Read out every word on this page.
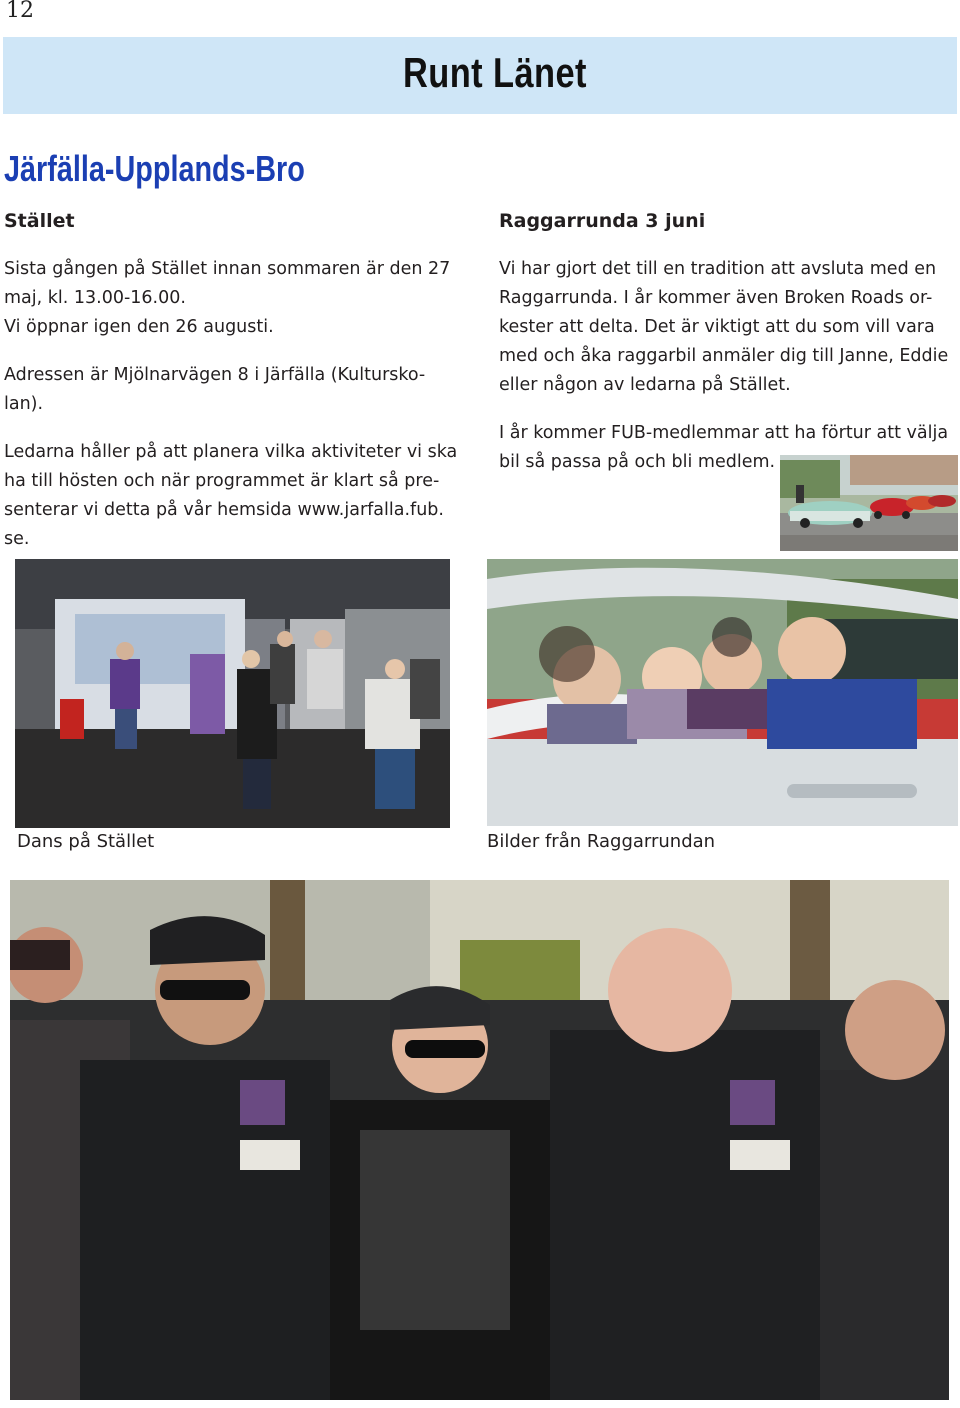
12
Runt Länet
Järfälla-Upplands-Bro
Stället

Sista gången på Stället innan sommaren är den 27
maj, kl. 13.00-16.00.
Vi öppnar igen den 26 augusti.

Adressen är Mjölnarvägen 8 i Järfälla (Kultursko-
lan).

Ledarna håller på att planera vilka aktiviteter vi ska
ha till hösten och när programmet är klart så pre-
senterar vi detta på vår hemsida www.jarfalla.fub.
se.

Raggarrunda 3 juni

Vi har gjort det till en tradition att avsluta med en
Raggarrunda. I år kommer även Broken Roads or-
kester att delta. Det är viktigt att du som vill vara
med och åka raggarbil anmäler dig till Janne, Eddie
eller någon av ledarna på Stället.

I år kommer FUB-medlemmar att ha förtur att välja
bil så passa på och bli medlem.

Dans på Stället	Bilder från Raggarrundan
